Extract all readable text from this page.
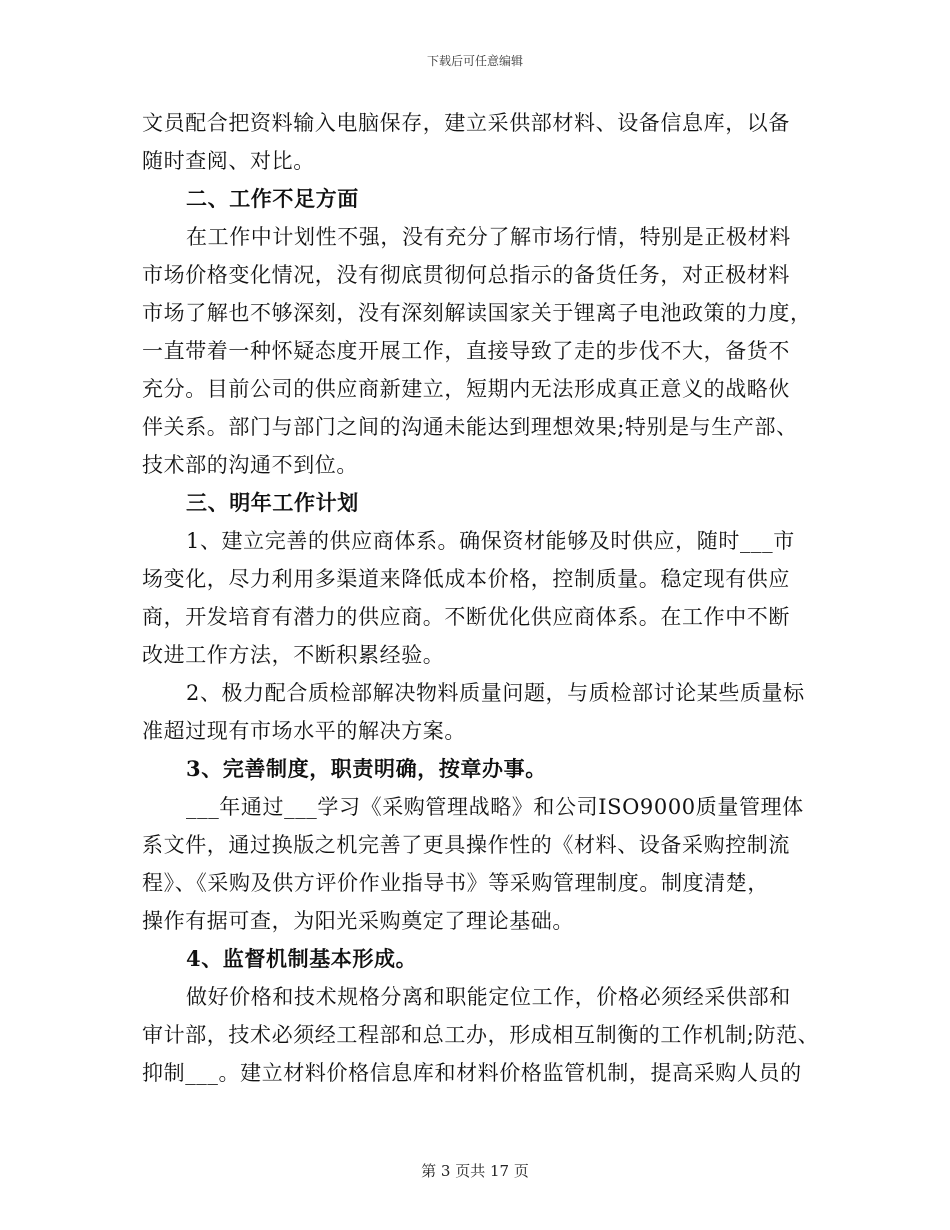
下载后可任意编辑
文员配合把资料输入电脑保存，建立采供部材料、设备信息库，以备
随时查阅、对比。
二、工作不足方面
在工作中计划性不强，没有充分了解市场行情，特别是正极材料
市场价格变化情况，没有彻底贯彻何总指示的备货任务，对正极材料
市场了解也不够深刻，没有深刻解读国家关于锂离子电池政策的力度，
一直带着一种怀疑态度开展工作，直接导致了走的步伐不大，备货不
充分。目前公司的供应商新建立，短期内无法形成真正意义的战略伙
伴关系。部门与部门之间的沟通未能达到理想效果;特别是与生产部、
技术部的沟通不到位。
三、明年工作计划
1、建立完善的供应商体系。确保资材能够及时供应，随时___市
场变化，尽力利用多渠道来降低成本价格，控制质量。稳定现有供应
商，开发培育有潜力的供应商。不断优化供应商体系。在工作中不断
改进工作方法，不断积累经验。
2、极力配合质检部解决物料质量问题，与质检部讨论某些质量标
准超过现有市场水平的解决方案。
3、完善制度，职责明确，按章办事。
___年通过___学习《采购管理战略》和公司ISO9000质量管理体
系文件，通过换版之机完善了更具操作性的《材料、设备采购控制流
程》、《采购及供方评价作业指导书》等采购管理制度。制度清楚，
操作有据可查，为阳光采购奠定了理论基础。
4、监督机制基本形成。
做好价格和技术规格分离和职能定位工作，价格必须经采供部和
审计部，技术必须经工程部和总工办，形成相互制衡的工作机制;防范、
抑制___。建立材料价格信息库和材料价格监管机制，提高采购人员的
第 3 页共 17 页
